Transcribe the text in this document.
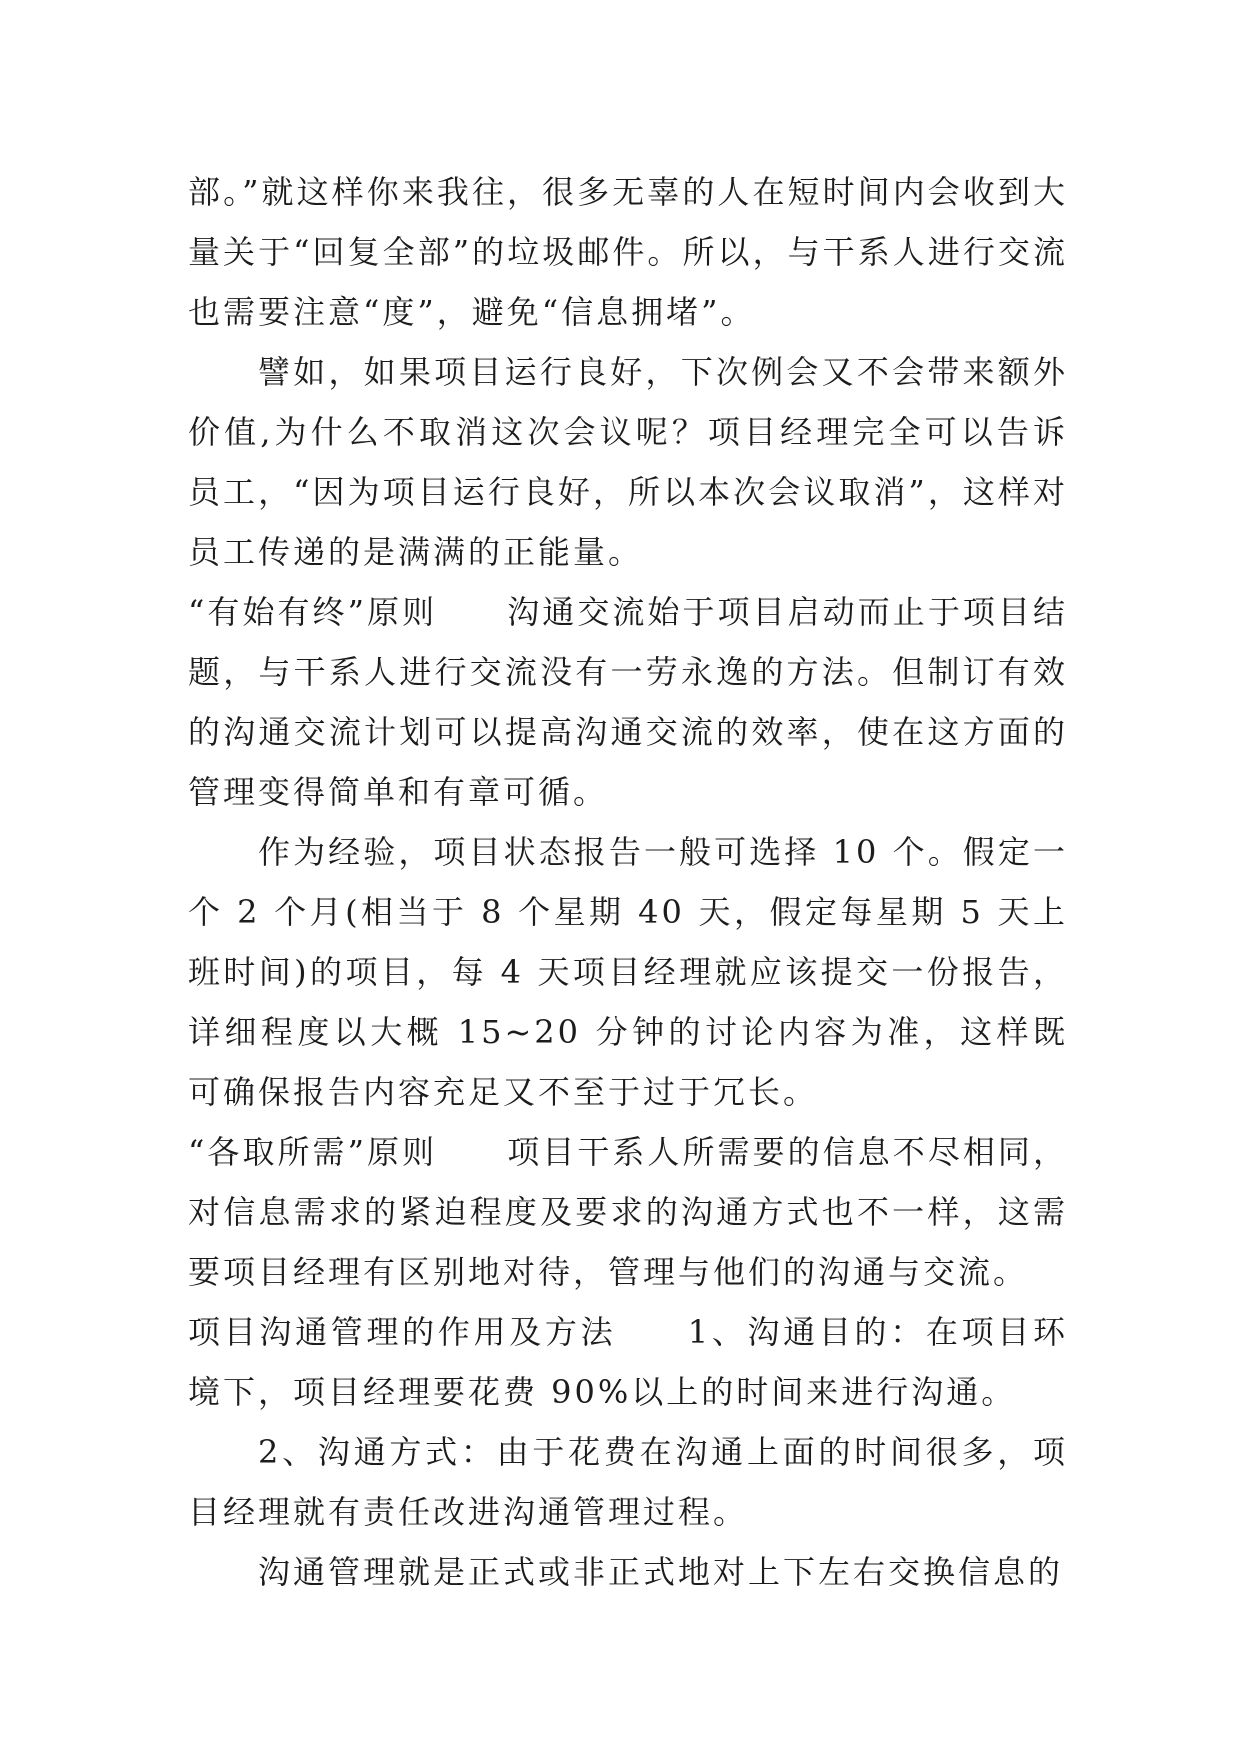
部。”就这样你来我往，很多无辜的人在短时间内会收到大量关于“回复全部”的垃圾邮件。所以，与干系人进行交流也需要注意“度”，避免“信息拥堵”。

譬如，如果项目运行良好，下次例会又不会带来额外价值,为什么不取消这次会议呢？项目经理完全可以告诉员工，“因为项目运行良好，所以本次会议取消”，这样对员工传递的是满满的正能量。

“有始有终”原则　　 沟通交流始于项目启动而止于项目结题，与干系人进行交流没有一劳永逸的方法。但制订有效的沟通交流计划可以提高沟通交流的效率，使在这方面的管理变得简单和有章可循。

作为经验，项目状态报告一般可选择 10 个。假定一个 2 个月(相当于 8 个星期 40 天，假定每星期 5 天上班时间)的项目，每 4 天项目经理就应该提交一份报告，详细程度以大概 15~20 分钟的讨论内容为准，这样既可确保报告内容充足又不至于过于冗长。

“各取所需”原则　　 项目干系人所需要的信息不尽相同，对信息需求的紧迫程度及要求的沟通方式也不一样，这需要项目经理有区别地对待，管理与他们的沟通与交流。

项目沟通管理的作用及方法　　 1、沟通目的：在项目环境下，项目经理要花费 90%以上的时间来进行沟通。

2、沟通方式：由于花费在沟通上面的时间很多，项目经理就有责任改进沟通管理过程。

沟通管理就是正式或非正式地对上下左右交换信息的
